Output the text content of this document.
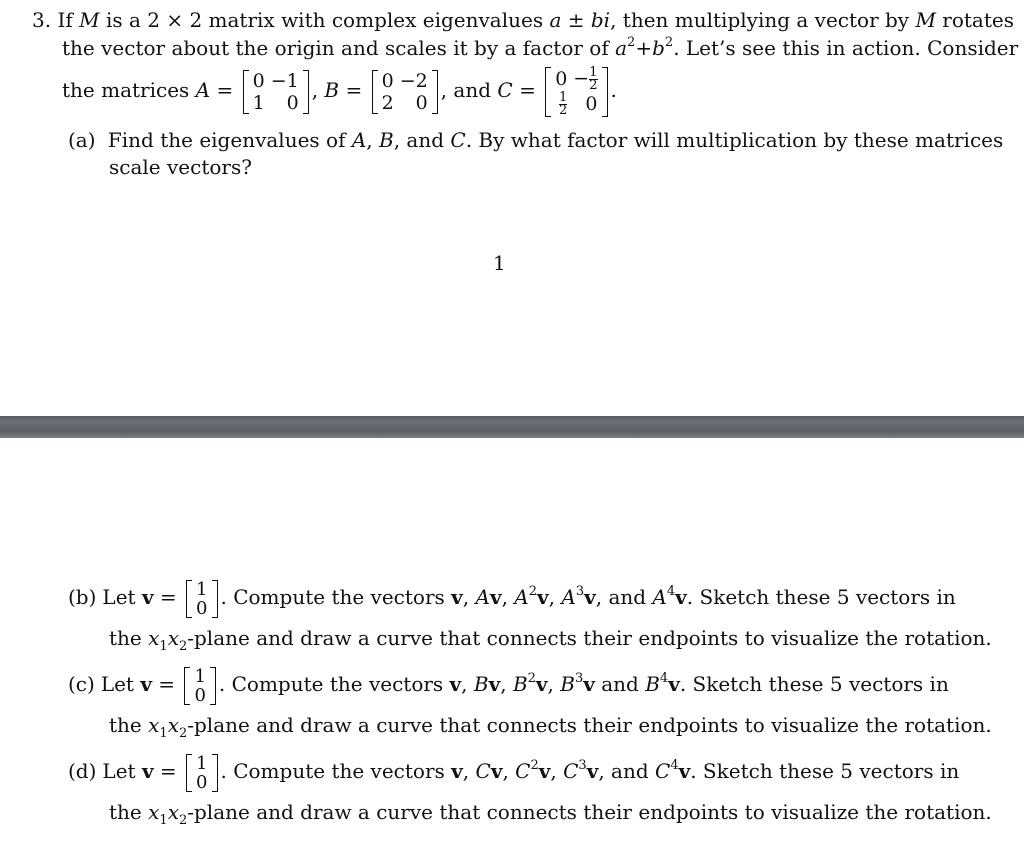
3. If M is a 2 × 2 matrix with complex eigenvalues a ± bi, then multiplying a vector by M rotates
the vector about the origin and scales it by a factor of $a^2+b^2$. Let’s see this in action. Consider
the matrices A = 0	−1
1	0
, B = 0	−2
2	0
, and C = 0	− $\frac{1}{2}$

$\frac{1}{2}$	0
.
(a) Find the eigenvalues of A, B, and C. By what factor will multiplication by these matrices
scale vectors?
1
(b) Let v = 1
0 . Compute the vectors v, Av, $A^2v$, $A^3v$, and $A^4v$. Sketch these 5 vectors in
the $x_1x_2$-plane and draw a curve that connects their endpoints to visualize the rotation.
(c) Let v = 1
0 . Compute the vectors v, Bv, $B^2v$, $B^3v$ and $B^4v$. Sketch these 5 vectors in
the $x_1x_2$-plane and draw a curve that connects their endpoints to visualize the rotation.
(d) Let v = 1
0 . Compute the vectors v, Cv, $C^2v$, $C^3v$, and $C^4v$. Sketch these 5 vectors in
the $x_1x_2$-plane and draw a curve that connects their endpoints to visualize the rotation.
